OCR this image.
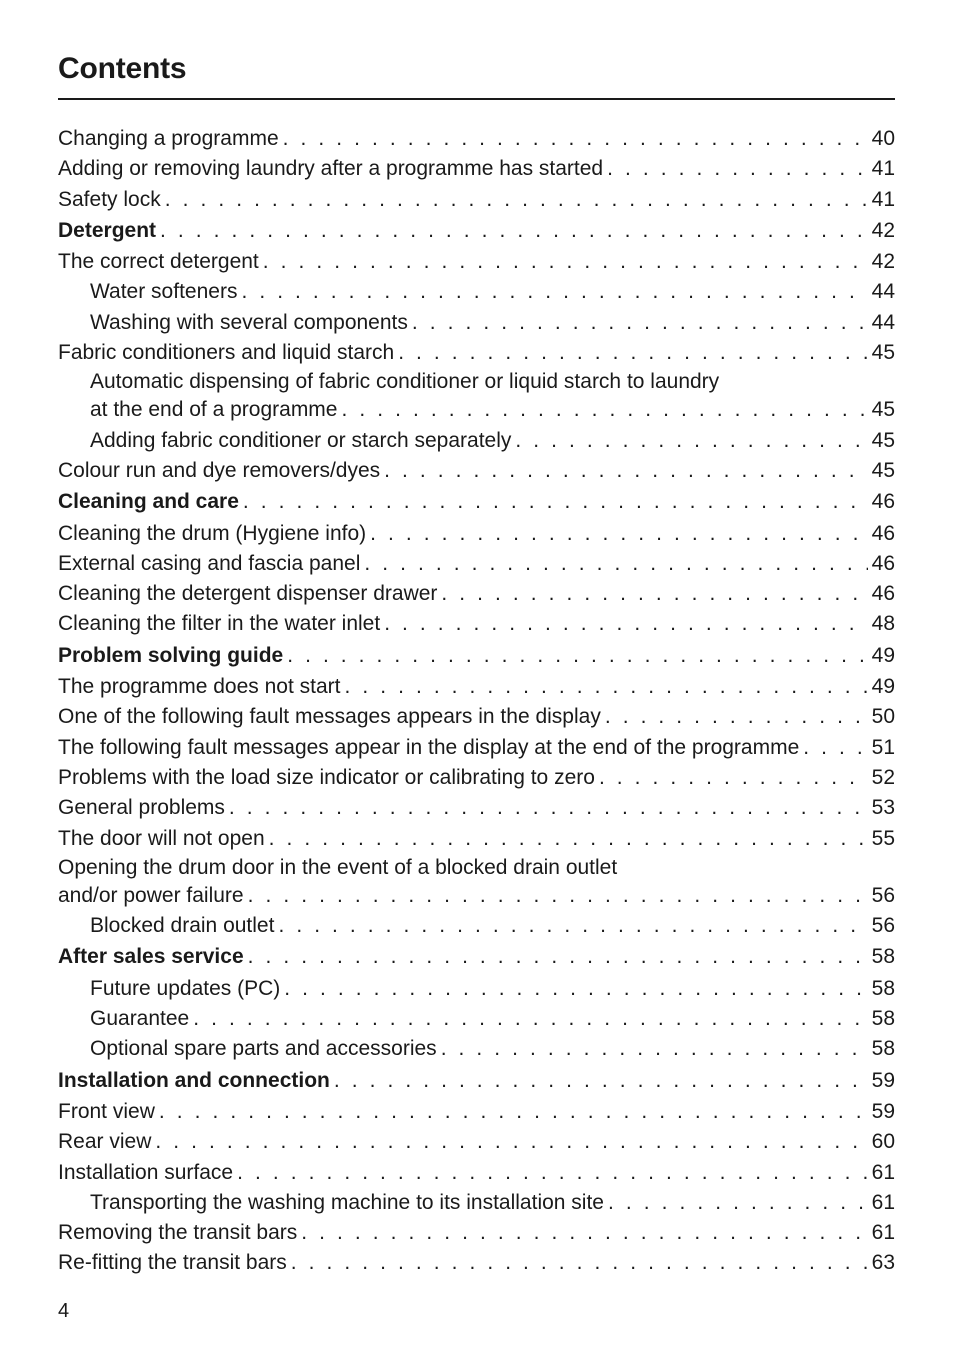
Contents
Changing a programme . . .	40
Adding or removing laundry after a programme has started . . .	41
Safety lock . . .	41
Detergent . . .	42
The correct detergent . . .	42
Water softeners . . .	44
Washing with several components . . .	44
Fabric conditioners and liquid starch . . .	45
Automatic dispensing of fabric conditioner or liquid starch to laundry
at the end of a programme . . .	45
Adding fabric conditioner or starch separately . . .	45
Colour run and dye removers/dyes . . .	45
Cleaning and care . . .	46
Cleaning the drum (Hygiene info) . . .	46
External casing and fascia panel . . .	46
Cleaning the detergent dispenser drawer . . .	46
Cleaning the filter in the water inlet . . .	48
Problem solving guide . . .	49
The programme does not start . . .	49
One of the following fault messages appears in the display . . .	50
The following fault messages appear in the display at the end of the programme . . .	51
Problems with the load size indicator or calibrating to zero . . .	52
General problems . . .	53
The door will not open . . .	55
Opening the drum door in the event of a blocked drain outlet
and/or power failure . . .	56
Blocked drain outlet . . .	56
After sales service . . .	58
Future updates (PC) . . .	58
Guarantee . . .	58
Optional spare parts and accessories . . .	58
Installation and connection . . .	59
Front view . . .	59
Rear view . . .	60
Installation surface . . .	61
Transporting the washing machine to its installation site . . .	61
Removing the transit bars . . .	61
Re-fitting the transit bars . . .	63
4
